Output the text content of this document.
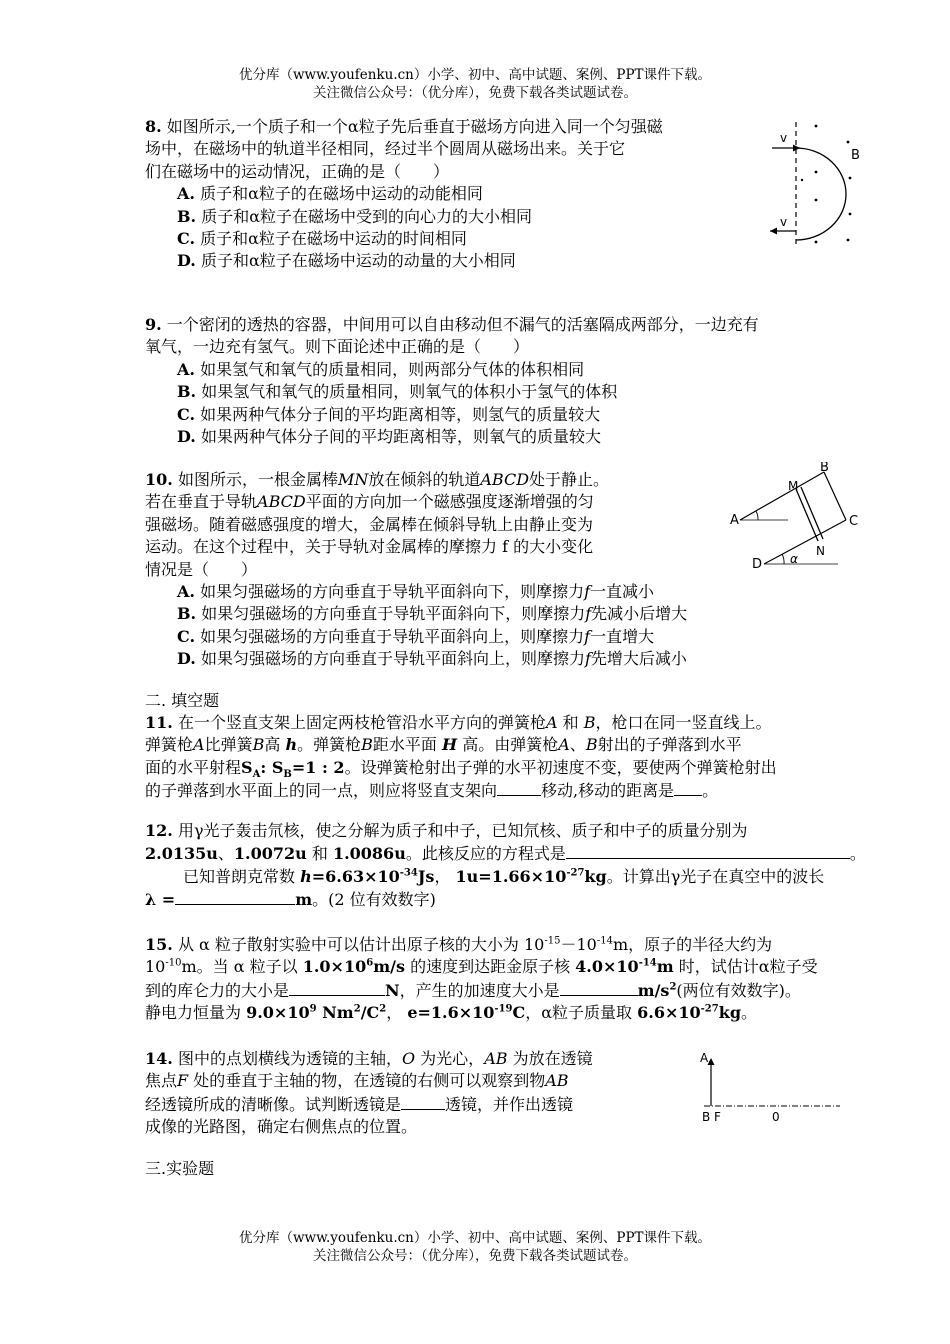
优分库（www.youfenku.cn）小学、初中、高中试题、案例、PPT课件下载。
关注微信公众号：（优分库），免费下载各类试题试卷。
8. 如图所示,一个质子和一个α粒子先后垂直于磁场方向进入同一个匀强磁
场中，在磁场中的轨道半径相同，经过半个圆周从磁场出来。关于它
们在磁场中的运动情况，正确的是（　　）
A. 质子和α粒子的在磁场中运动的动能相同
B. 质子和α粒子在磁场中受到的向心力的大小相同
C. 质子和α粒子在磁场中运动的时间相同
D. 质子和α粒子在磁场中运动的动量的大小相同
v
v
B
9. 一个密闭的透热的容器，中间用可以自由移动但不漏气的活塞隔成两部分，一边充有
氧气，一边充有氢气。则下面论述中正确的是（　　）
A. 如果氢气和氧气的质量相同，则两部分气体的体积相同
B. 如果氢气和氧气的质量相同，则氧气的体积小于氢气的体积
C. 如果两种气体分子间的平均距离相等，则氢气的质量较大
D. 如果两种气体分子间的平均距离相等，则氧气的质量较大
10. 如图所示，一根金属棒MN放在倾斜的轨道ABCD处于静止。
若在垂直于导轨ABCD平面的方向加一个磁感强度逐渐增强的匀
强磁场。随着磁感强度的增大，金属棒在倾斜导轨上由静止变为
运动。在这个过程中，关于导轨对金属棒的摩擦力 f 的大小变化
情况是（　　）
A. 如果匀强磁场的方向垂直于导轨平面斜向下，则摩擦力f一直减小
B. 如果匀强磁场的方向垂直于导轨平面斜向下，则摩擦力f先减小后增大
C. 如果匀强磁场的方向垂直于导轨平面斜向上，则摩擦力f一直增大
D. 如果匀强磁场的方向垂直于导轨平面斜向上，则摩擦力f先增大后减小
A
B
C
D
M
N
α
二. 填空题
11. 在一个竖直支架上固定两枝枪管沿水平方向的弹簧枪A 和 B，枪口在同一竖直线上。
弹簧枪A比弹簧B高 h。弹簧枪B距水平面 H 高。由弹簧枪A、B射出的子弹落到水平
面的水平射程$S_A$: $S_B=1$ : 2。设弹簧枪射出子弹的水平初速度不变，要使两个弹簧枪射出
的子弹落到水平面上的同一点，则应将竖直支架向	移动,移动的距离是 。
12. 用γ光子轰击氘核，使之分解为质子和中子，已知氘核、质子和中子的质量分别为
2.0135u、1.0072u 和 1.0086u。此核反应的方程式是	。
已知普朗克常数 $h=6.63\times 10^{-34}Js$， $1u=1.66\times 10^{-27}kg$。计算出γ光子在真空中的波长
λ =	m。(2 位有效数字)
15. 从 α 粒子散射实验中可以估计出原子核的大小为 $10^{-15}-10^{-14}m$，原子的半径大约为
$10^{-10}m$。当 α 粒子以 $1.0\times 10^6m/s$ 的速度到达距金原子核 $4.0\times 10^{-14}m$ 时，试估计α粒子受
到的库仑力的大小是	N，产生的加速度大小是	$m/s^2$(两位有效数字)。
静电力恒量为 $9.0\times 10^9$ $Nm^2/C^2$， $e=1.6\times 10^{-19}C$，α粒子质量取 $6.6\times 10^{-27}kg$。
14. 图中的点划横线为透镜的主轴，O 为光心，AB 为放在透镜
焦点F 处的垂直于主轴的物，在透镜的右侧可以观察到物AB
经透镜所成的清晰像。试判断透镜是	透镜，并作出透镜
成像的光路图，确定右侧焦点的位置。
A
B F	0
三.实验题
优分库（www.youfenku.cn）小学、初中、高中试题、案例、PPT课件下载。
关注微信公众号：（优分库），免费下载各类试题试卷。
